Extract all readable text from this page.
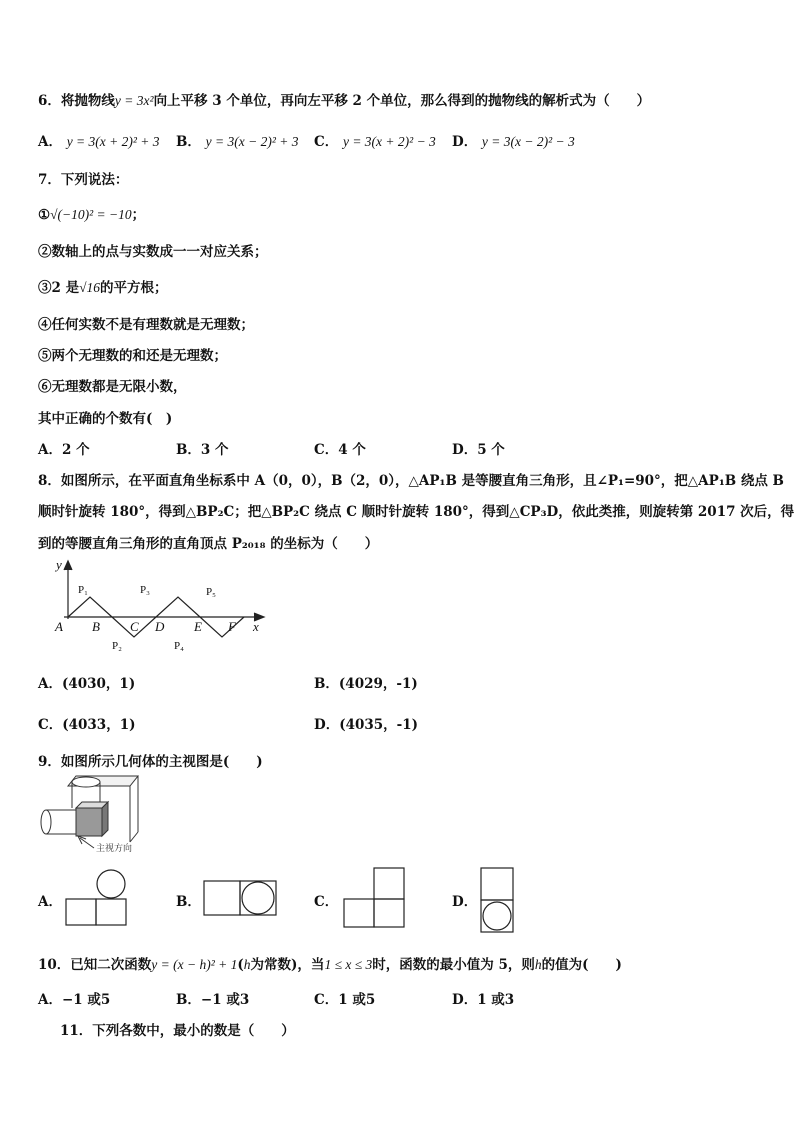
6．将抛物线y = 3x²向上平移 3 个单位，再向左平移 2 个单位，那么得到的抛物线的解析式为（　　）
A． y = 3(x + 2)² + 3 B． y = 3(x − 2)² + 3 C． y = 3(x + 2)² − 3 D． y = 3(x − 2)² − 3
7．下列说法：
①√(−10)² = −10；
②数轴上的点与实数成一一对应关系；
③2 是√16的平方根；
④任何实数不是有理数就是无理数；
⑤两个无理数的和还是无理数；
⑥无理数都是无限小数，
其中正确的个数有(　)
A．2 个	B．3 个	C．4 个	D．5 个
8．如图所示，在平面直角坐标系中 A（0，0），B（2，0），△AP₁B 是等腰直角三角形，且∠P₁=90°，把△AP₁B 绕点 B
顺时针旋转 180°，得到△BP₂C；把△BP₂C 绕点 C 顺时针旋转 180°，得到△CP₃D，依此类推，则旋转第 2017 次后，得
到的等腰直角三角形的直角顶点 P₂₀₁₈ 的坐标为（　　）
y
x
A B C D E F
P₁
P₂
P₃
P₄
P₅
A．(4030，1)	B．(4029，-1)
C．(4033，1)	D．(4035，-1)
9．如图所示几何体的主视图是(　　)
主视方向
A．	B．	C．	D．
10．已知二次函数y = (x − h)² + 1(h为常数)，当1 ≤ x ≤ 3时，函数的最小值为 5，则h的值为(　　)
A．−1 或5	B．−1 或3	C．1 或5	D．1 或3
11．下列各数中，最小的数是（　　）
